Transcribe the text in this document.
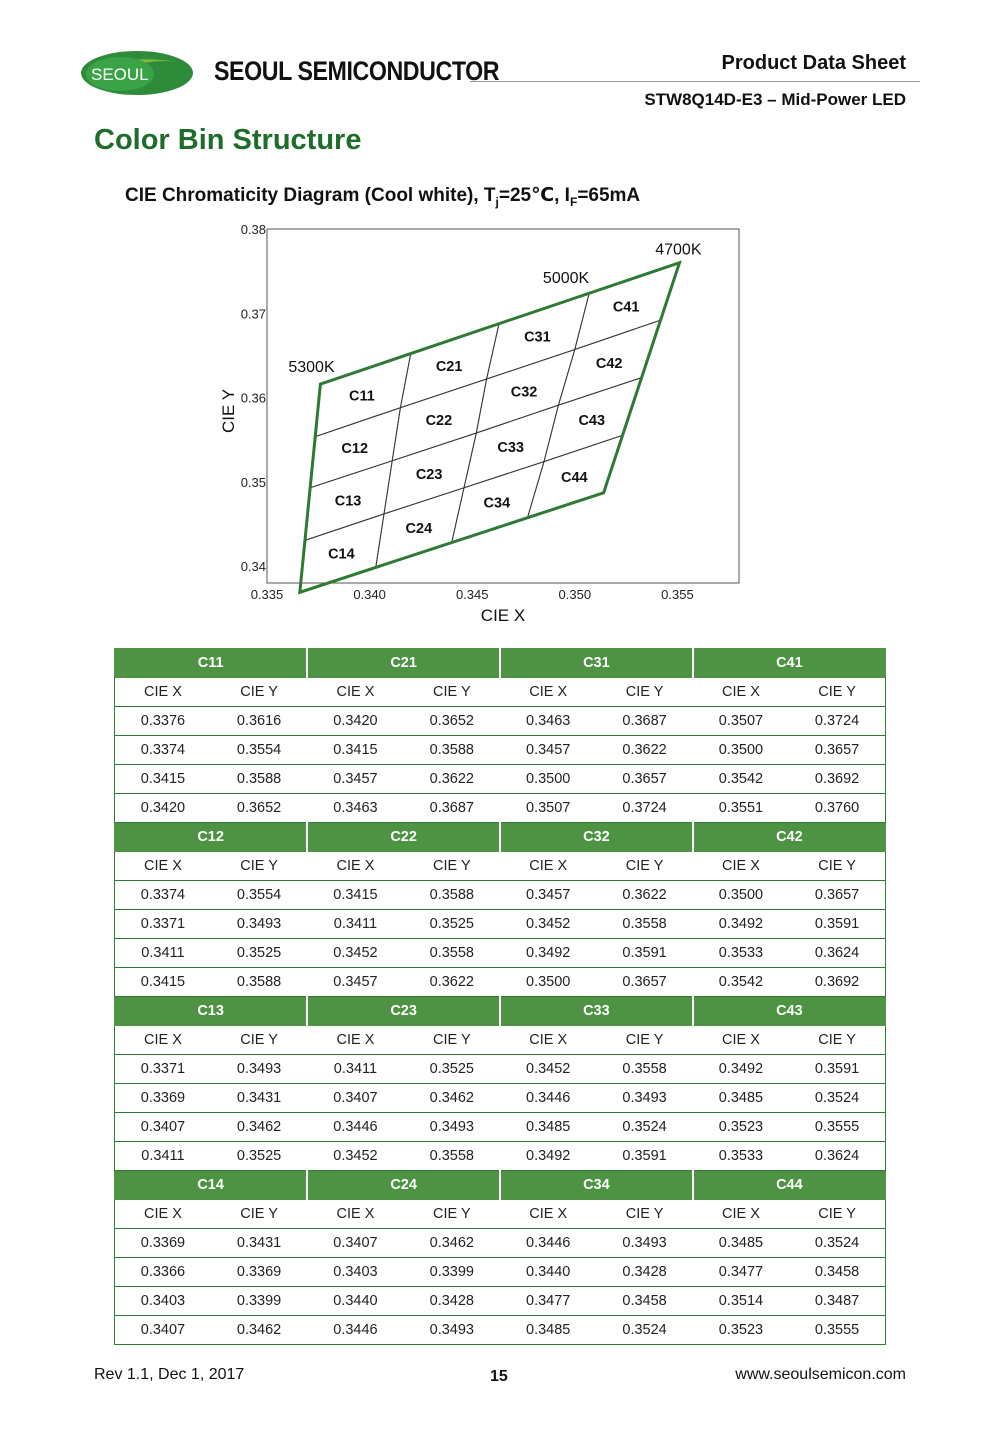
SEOUL SEOUL SEMICONDUCTOR	Product Data Sheet
STW8Q14D-E3 – Mid-Power LED
Color Bin Structure
CIE Chromaticity Diagram (Cool white), $T_j=25℃$, $I_F=65mA$
0.335	0.340	0.345	0.350	0.355
0.34
0.35
0.36
0.37
0.38
CIE X
CIE Y	C11
C12
C13
C14
C21
C22
C23
C24
C31
C32
C33
C34
C41
C42
C43
C44
4700K
5000K
5300K
C11		C21		C31		C41	
CIE X	CIE Y	CIE X	CIE Y	CIE X	CIE Y	CIE X	CIE Y
0.3376	0.3616	0.3420	0.3652	0.3463	0.3687	0.3507	0.3724
0.3374	0.3554	0.3415	0.3588	0.3457	0.3622	0.3500	0.3657
0.3415	0.3588	0.3457	0.3622	0.3500	0.3657	0.3542	0.3692
0.3420	0.3652	0.3463	0.3687	0.3507	0.3724	0.3551	0.3760
C12		C22		C32		C42	
CIE X	CIE Y	CIE X	CIE Y	CIE X	CIE Y	CIE X	CIE Y
0.3374	0.3554	0.3415	0.3588	0.3457	0.3622	0.3500	0.3657
0.3371	0.3493	0.3411	0.3525	0.3452	0.3558	0.3492	0.3591
0.3411	0.3525	0.3452	0.3558	0.3492	0.3591	0.3533	0.3624
0.3415	0.3588	0.3457	0.3622	0.3500	0.3657	0.3542	0.3692
C13		C23		C33		C43	
CIE X	CIE Y	CIE X	CIE Y	CIE X	CIE Y	CIE X	CIE Y
0.3371	0.3493	0.3411	0.3525	0.3452	0.3558	0.3492	0.3591
0.3369	0.3431	0.3407	0.3462	0.3446	0.3493	0.3485	0.3524
0.3407	0.3462	0.3446	0.3493	0.3485	0.3524	0.3523	0.3555
0.3411	0.3525	0.3452	0.3558	0.3492	0.3591	0.3533	0.3624
C14		C24		C34		C44	
CIE X	CIE Y	CIE X	CIE Y	CIE X	CIE Y	CIE X	CIE Y
0.3369	0.3431	0.3407	0.3462	0.3446	0.3493	0.3485	0.3524
0.3366	0.3369	0.3403	0.3399	0.3440	0.3428	0.3477	0.3458
0.3403	0.3399	0.3440	0.3428	0.3477	0.3458	0.3514	0.3487
0.3407	0.3462	0.3446	0.3493	0.3485	0.3524	0.3523	0.3555
Rev 1.1, Dec 1, 2017	15	www.seoulsemicon.com
